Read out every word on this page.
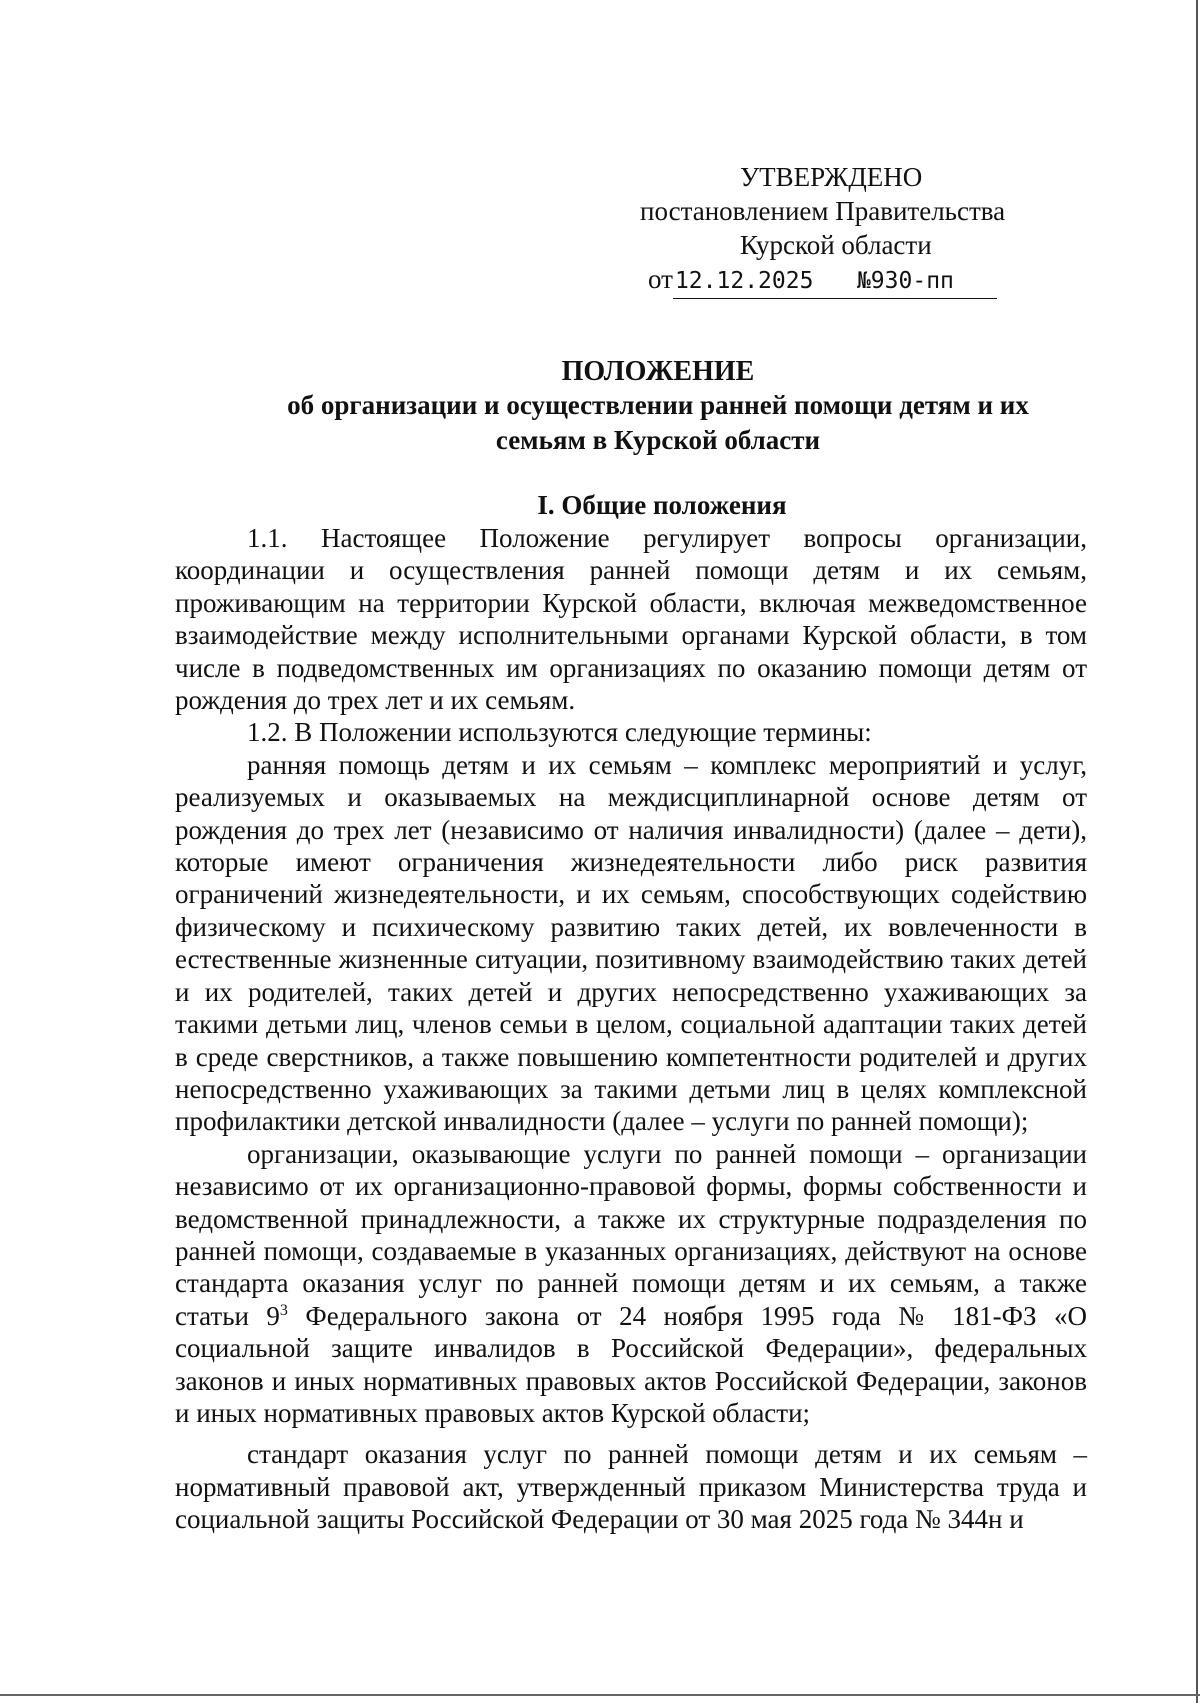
УТВЕРЖДЕНО
постановлением Правительства
Курской области
от12.12.2025 №930-пп
ПОЛОЖЕНИЕ
об организации и осуществлении ранней помощи детям и их
семьям в Курской области
I. Общие положения

1.1. Настоящее Положение регулирует вопросы организации, координации и осуществления ранней помощи детям и их семьям, проживающим на территории Курской области, включая межведомственное взаимодействие между исполнительными органами Курской области, в том числе в подведомственных им организациях по оказанию помощи детям от рождения до трех лет и их семьям.

1.2. В Положении используются следующие термины:

ранняя помощь детям и их семьям – комплекс мероприятий и услуг, реализуемых и оказываемых на междисциплинарной основе детям от рождения до трех лет (независимо от наличия инвалидности) (далее – дети), которые имеют ограничения жизнедеятельности либо риск развития ограничений жизнедеятельности, и их семьям, способствующих содействию физическому и психическому развитию таких детей, их вовлеченности в естественные жизненные ситуации, позитивному взаимодействию таких детей и их родителей, таких детей и других непосредственно ухаживающих за такими детьми лиц, членов семьи в целом, социальной адаптации таких детей в среде сверстников, а также повышению компетентности родителей и других непосредственно ухаживающих за такими детьми лиц в целях комплексной профилактики детской инвалидности (далее – услуги по ранней помощи);

организации, оказывающие услуги по ранней помощи – организации независимо от их организационно-правовой формы, формы собственности и ведомственной принадлежности, а также их структурные подразделения по ранней помощи, создаваемые в указанных организациях, действуют на основе стандарта оказания услуг по ранней помощи детям и их семьям, а также статьи $9^3$ Федерального закона от 24 ноября 1995 года № 181-ФЗ «О социальной защите инвалидов в Российской Федерации», федеральных законов и иных нормативных правовых актов Российской Федерации, законов и иных нормативных правовых актов Курской области;

стандарт оказания услуг по ранней помощи детям и их семьям – нормативный правовой акт, утвержденный приказом Министерства труда и социальной защиты Российской Федерации от 30 мая 2025 года № 344н и
